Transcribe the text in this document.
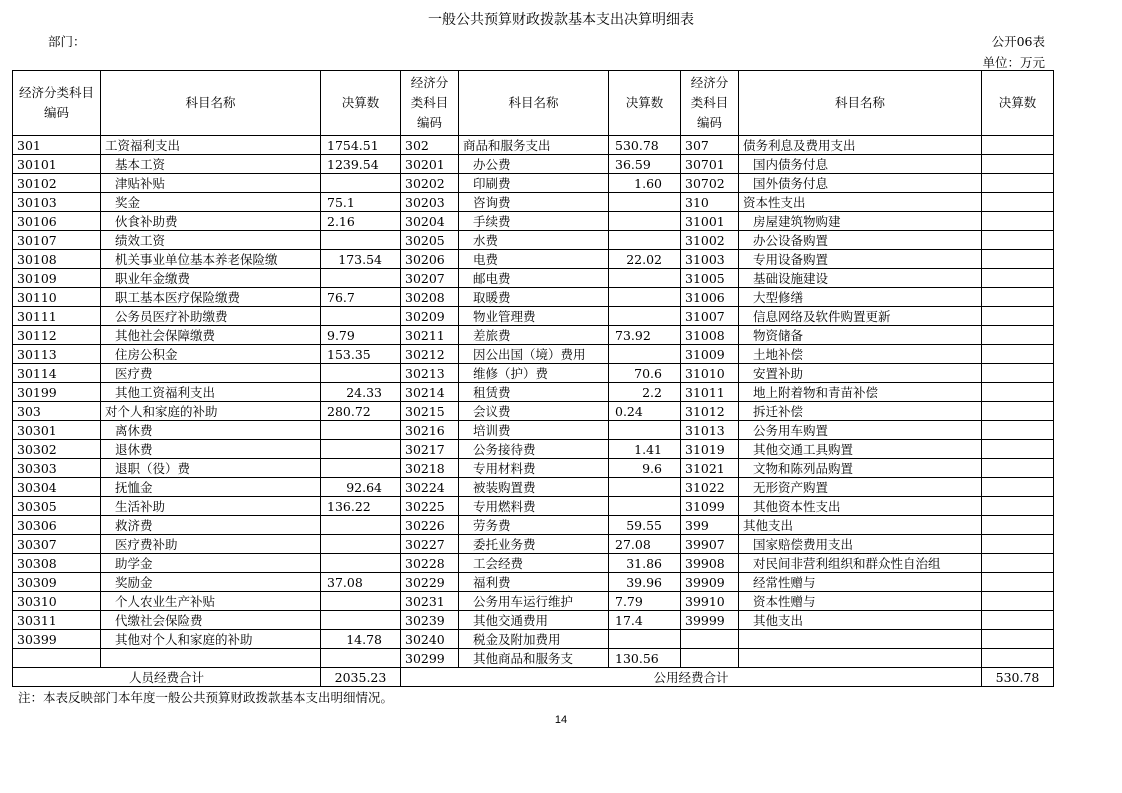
一般公共预算财政拨款基本支出决算明细表
部门：	公开06表
单位：万元
经济分类科目编码	科目名称	决算数	经济分类科目编码	科目名称	决算数	经济分类科目编码	科目名称	决算数
301	工资福利支出	1754.51	302	商品和服务支出	530.78	307	债务利息及费用支出	
30101	基本工资	1239.54	30201	办公费	36.59	30701	国内债务付息	
30102	津贴补贴		30202	印刷费	1.60	30702	国外债务付息	
30103	奖金	75.1	30203	咨询费		310	资本性支出	
30106	伙食补助费	2.16	30204	手续费		31001	房屋建筑物购建	
30107	绩效工资		30205	水费		31002	办公设备购置	
30108	机关事业单位基本养老保险缴	173.54	30206	电费	22.02	31003	专用设备购置	
30109	职业年金缴费		30207	邮电费		31005	基础设施建设	
30110	职工基本医疗保险缴费	76.7	30208	取暖费		31006	大型修缮	
30111	公务员医疗补助缴费		30209	物业管理费		31007	信息网络及软件购置更新	
30112	其他社会保障缴费	9.79	30211	差旅费	73.92	31008	物资储备	
30113	住房公积金	153.35	30212	因公出国（境）费用		31009	土地补偿	
30114	医疗费		30213	维修（护）费	70.6	31010	安置补助	
30199	其他工资福利支出	24.33	30214	租赁费	2.2	31011	地上附着物和青苗补偿	
303	对个人和家庭的补助	280.72	30215	会议费	0.24	31012	拆迁补偿	
30301	离休费		30216	培训费		31013	公务用车购置	
30302	退休费		30217	公务接待费	1.41	31019	其他交通工具购置	
30303	退职（役）费		30218	专用材料费	9.6	31021	文物和陈列品购置	
30304	抚恤金	92.64	30224	被装购置费		31022	无形资产购置	
30305	生活补助	136.22	30225	专用燃料费		31099	其他资本性支出	
30306	救济费		30226	劳务费	59.55	399	其他支出	
30307	医疗费补助		30227	委托业务费	27.08	39907	国家赔偿费用支出	
30308	助学金		30228	工会经费	31.86	39908	对民间非营利组织和群众性自治组	
30309	奖励金	37.08	30229	福利费	39.96	39909	经常性赠与	
30310	个人农业生产补贴		30231	公务用车运行维护	7.79	39910	资本性赠与	
30311	代缴社会保险费		30239	其他交通费用	17.4	39999	其他支出	
30399	其他对个人和家庭的补助	14.78	30240	税金及附加费用				
			30299	其他商品和服务支	130.56			
人员经费合计		2035.23	公用经费合计					530.78
注：本表反映部门本年度一般公共预算财政拨款基本支出明细情况。
14
